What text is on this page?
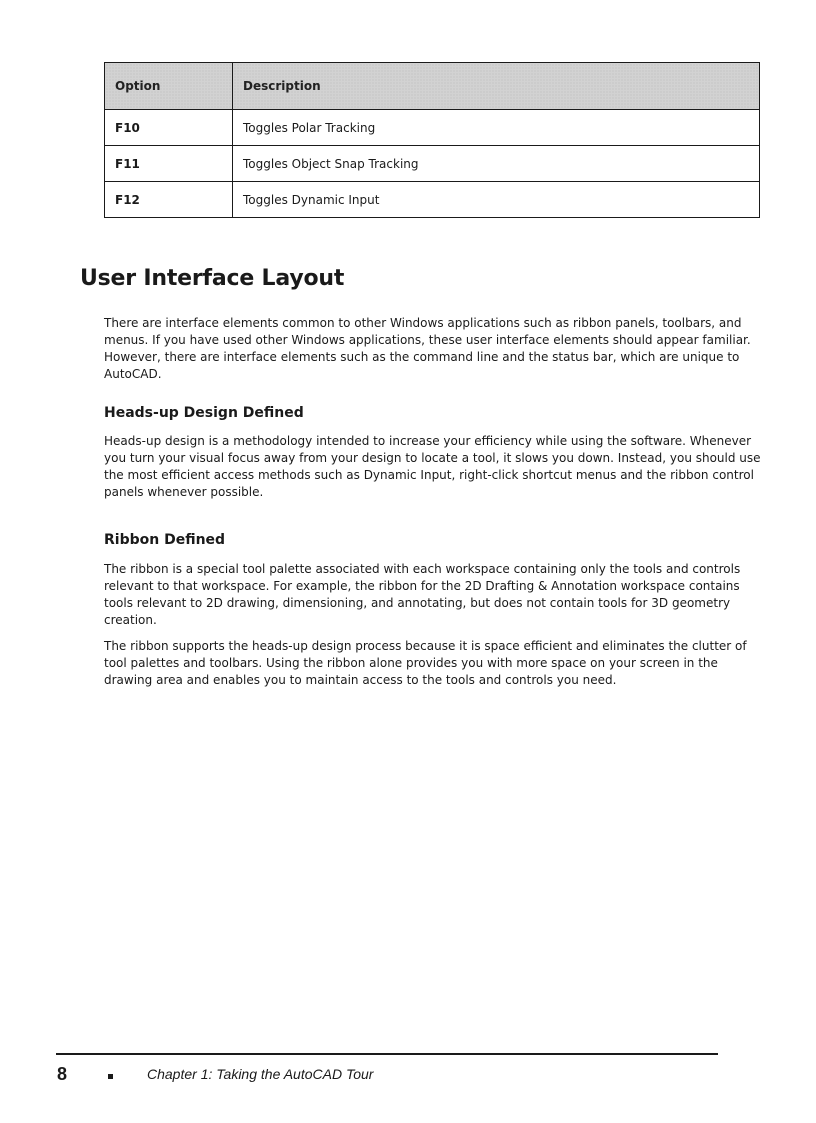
Option	Description
F10	Toggles Polar Tracking
F11	Toggles Object Snap Tracking
F12	Toggles Dynamic Input
User Interface Layout

There are interface elements common to other Windows applications such as ribbon panels, toolbars, and menus. If you have used other Windows applications, these user interface elements should appear familiar. However, there are interface elements such as the command line and the status bar, which are unique to AutoCAD.

Heads-up Design Defined

Heads-up design is a methodology intended to increase your efficiency while using the software. Whenever you turn your visual focus away from your design to locate a tool, it slows you down. Instead, you should use the most efficient access methods such as Dynamic Input, right-click shortcut menus and the ribbon control panels whenever possible.

Ribbon Defined

The ribbon is a special tool palette associated with each workspace containing only the tools and controls relevant to that workspace. For example, the ribbon for the 2D Drafting & Annotation workspace contains tools relevant to 2D drawing, dimensioning, and annotating, but does not contain tools for 3D geometry creation.

The ribbon supports the heads-up design process because it is space efficient and eliminates the clutter of tool palettes and toolbars. Using the ribbon alone provides you with more space on your screen in the drawing area and enables you to maintain access to the tools and controls you need.

8	Chapter 1: Taking the AutoCAD Tour
